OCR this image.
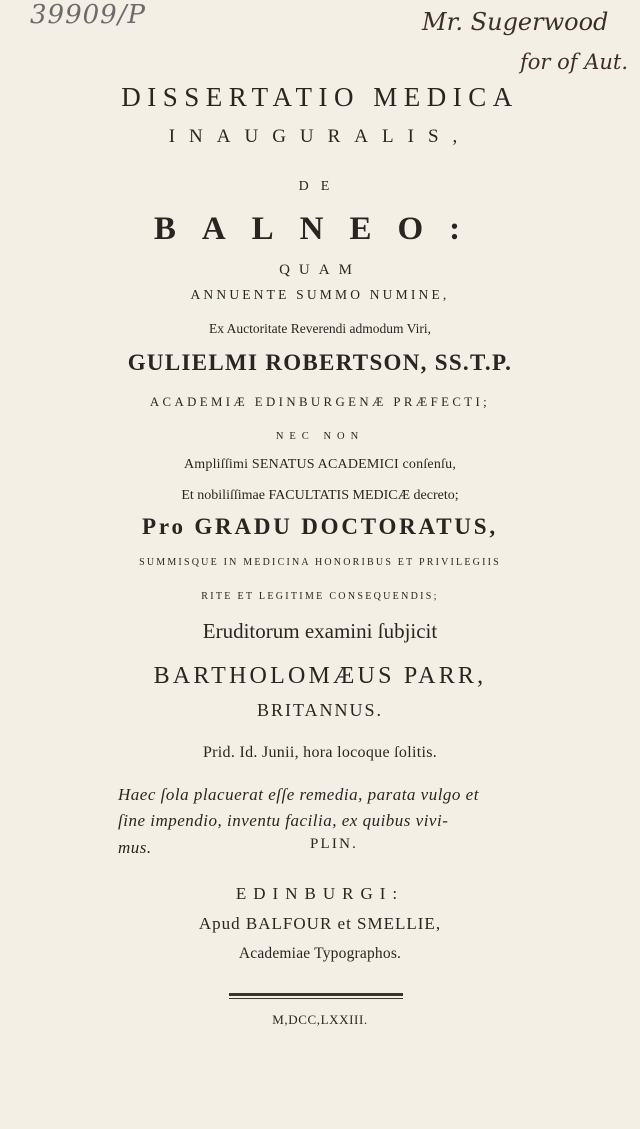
39909/P	Mr. Sugerwood
for of Aut.
DISSERTATIO MEDICA
INAUGURALIS,
DE
BALNEO:
QUAM
ANNUENTE SUMMO NUMINE,
Ex Auctoritate Reverendi admodum Viri,
GULIELMI ROBERTSON, SS.T.P.
ACADEMIÆ EDINBURGENÆ PRÆFECTI;
NEC NON
Ampliſſimi SENATUS ACADEMICI conſenſu,
Et nobiliſſimae FACULTATIS MEDICÆ decreto;
Pro GRADU DOCTORATUS,
SUMMISQUE IN MEDICINA HONORIBUS ET PRIVILEGIIS
RITE ET LEGITIME CONSEQUENDIS;
Eruditorum examini ſubjicit
BARTHOLOMÆUS PARR,
BRITANNUS.
Prid. Id. Junii, hora locoque ſolitis.
Haec ſola placuerat eſſe remedia, parata vulgo et
ſine impendio, inventu facilia, ex quibus vivi-
mus.	PLIN.
EDINBURGI:
Apud BALFOUR et SMELLIE,
Academiae Typographos.
M,DCC,LXXIII.
